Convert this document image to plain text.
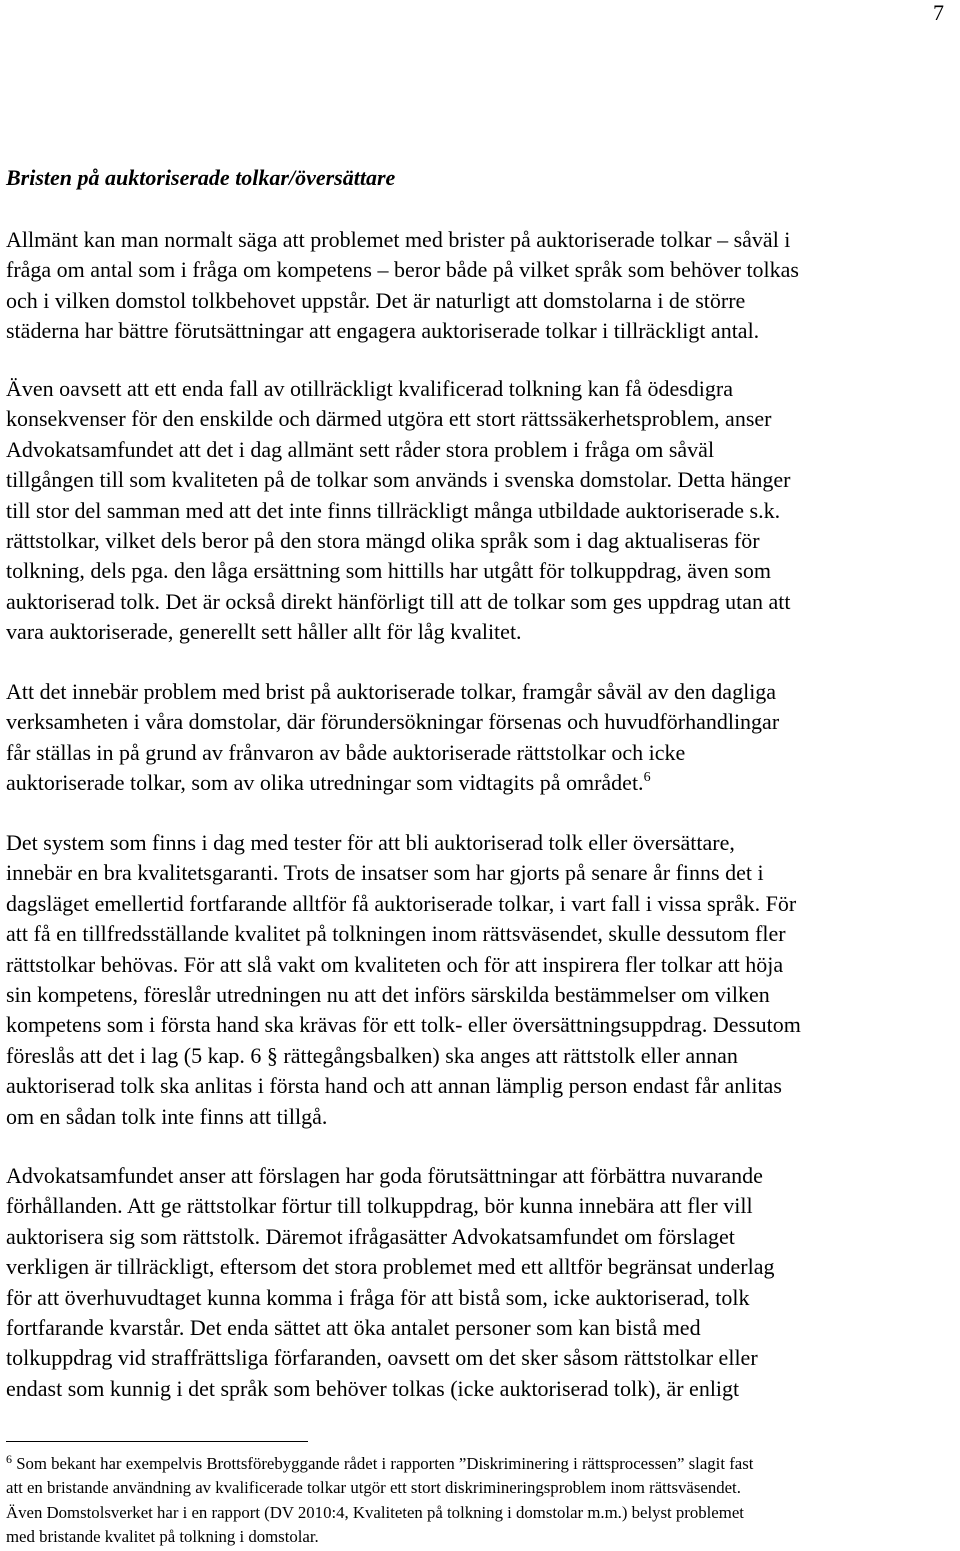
7
Bristen på auktoriserade tolkar/översättare

Allmänt kan man normalt säga att problemet med brister på auktoriserade tolkar – såväl i
fråga om antal som i fråga om kompetens – beror både på vilket språk som behöver tolkas
och i vilken domstol tolkbehovet uppstår. Det är naturligt att domstolarna i de större
städerna har bättre förutsättningar att engagera auktoriserade tolkar i tillräckligt antal.

Även oavsett att ett enda fall av otillräckligt kvalificerad tolkning kan få ödesdigra
konsekvenser för den enskilde och därmed utgöra ett stort rättssäkerhetsproblem, anser
Advokatsamfundet att det i dag allmänt sett råder stora problem i fråga om såväl
tillgången till som kvaliteten på de tolkar som används i svenska domstolar. Detta hänger
till stor del samman med att det inte finns tillräckligt många utbildade auktoriserade s.k.
rättstolkar, vilket dels beror på den stora mängd olika språk som i dag aktualiseras för
tolkning, dels pga. den låga ersättning som hittills har utgått för tolkuppdrag, även som
auktoriserad tolk. Det är också direkt hänförligt till att de tolkar som ges uppdrag utan att
vara auktoriserade, generellt sett håller allt för låg kvalitet.

Att det innebär problem med brist på auktoriserade tolkar, framgår såväl av den dagliga
verksamheten i våra domstolar, där förundersökningar försenas och huvudförhandlingar
får ställas in på grund av frånvaron av både auktoriserade rättstolkar och icke
auktoriserade tolkar, som av olika utredningar som vidtagits på området.$^6$

Det system som finns i dag med tester för att bli auktoriserad tolk eller översättare,
innebär en bra kvalitetsgaranti. Trots de insatser som har gjorts på senare år finns det i
dagsläget emellertid fortfarande alltför få auktoriserade tolkar, i vart fall i vissa språk. För
att få en tillfredsställande kvalitet på tolkningen inom rättsväsendet, skulle dessutom fler
rättstolkar behövas. För att slå vakt om kvaliteten och för att inspirera fler tolkar att höja
sin kompetens, föreslår utredningen nu att det införs särskilda bestämmelser om vilken
kompetens som i första hand ska krävas för ett tolk- eller översättningsuppdrag. Dessutom
föreslås att det i lag (5 kap. 6 § rättegångsbalken) ska anges att rättstolk eller annan
auktoriserad tolk ska anlitas i första hand och att annan lämplig person endast får anlitas
om en sådan tolk inte finns att tillgå.

Advokatsamfundet anser att förslagen har goda förutsättningar att förbättra nuvarande
förhållanden. Att ge rättstolkar förtur till tolkuppdrag, bör kunna innebära att fler vill
auktorisera sig som rättstolk. Däremot ifrågasätter Advokatsamfundet om förslaget
verkligen är tillräckligt, eftersom det stora problemet med ett alltför begränsat underlag
för att överhuvudtaget kunna komma i fråga för att bistå som, icke auktoriserad, tolk
fortfarande kvarstår. Det enda sättet att öka antalet personer som kan bistå med
tolkuppdrag vid straffrättsliga förfaranden, oavsett om det sker såsom rättstolkar eller
endast som kunnig i det språk som behöver tolkas (icke auktoriserad tolk), är enligt

$^6$ Som bekant har exempelvis Brottsförebyggande rådet i rapporten ”Diskriminering i rättsprocessen” slagit fast
att en bristande användning av kvalificerade tolkar utgör ett stort diskrimineringsproblem inom rättsväsendet.
Även Domstolsverket har i en rapport (DV 2010:4, Kvaliteten på tolkning i domstolar m.m.) belyst problemet
med bristande kvalitet på tolkning i domstolar.
